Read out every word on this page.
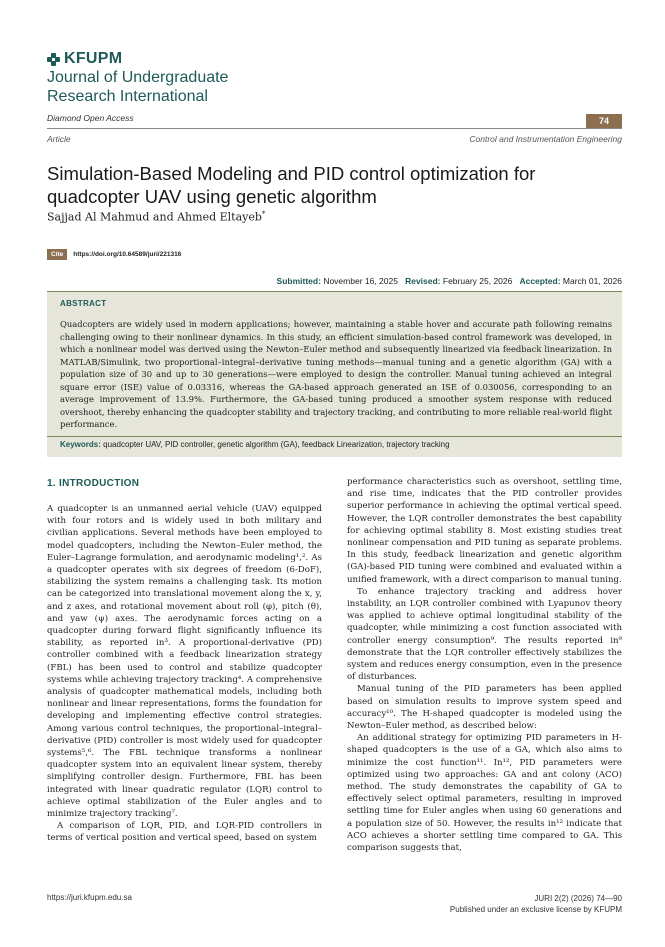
KFUPM
Journal of Undergraduate
Research International
Diamond Open Access	74
Article	Control and Instrumentation Engineering
Simulation-Based Modeling and PID control optimization for quadcopter UAV using genetic algorithm
Sajjad Al Mahmud and Ahmed Eltayeb*
Cite	https://doi.org/10.64589/juri/221316
Submitted: November 16, 2025 Revised: February 25, 2026 Accepted: March 01, 2026
ABSTRACT
Quadcopters are widely used in modern applications; however, maintaining a stable hover and accurate path following remains challenging owing to their nonlinear dynamics. In this study, an efficient simulation-based control framework was developed, in which a nonlinear model was derived using the Newton–Euler method and subsequently linearized via feedback linearization. In MATLAB/Simulink, two proportional–integral–derivative tuning methods—manual tuning and a genetic algorithm (GA) with a population size of 30 and up to 30 generations—were employed to design the controller. Manual tuning achieved an integral square error (ISE) value of 0.03316, whereas the GA-based approach generated an ISE of 0.030056, corresponding to an average improvement of 13.9%. Furthermore, the GA-based tuning produced a smoother system response with reduced overshoot, thereby enhancing the quadcopter stability and trajectory tracking, and contributing to more reliable real-world flight performance.
Keywords: quadcopter UAV, PID controller, genetic algorithm (GA), feedback Linearization, trajectory tracking
1. INTRODUCTION

A quadcopter is an unmanned aerial vehicle (UAV) equipped with four rotors and is widely used in both military and civilian applications. Several methods have been employed to model quadcopters, including the Newton–Euler method, the Euler–Lagrange formulation, and aerodynamic modeling¹,². As a quadcopter operates with six degrees of freedom (6-DoF), stabilizing the system remains a challenging task. Its motion can be categorized into translational movement along the x, y, and z axes, and rotational movement about roll (φ), pitch (θ), and yaw (ψ) axes. The aerodynamic forces acting on a quadcopter during forward flight significantly influence its stability, as reported in³. A proportional-derivative (PD) controller combined with a feedback linearization strategy (FBL) has been used to control and stabilize quadcopter systems while achieving trajectory tracking⁴. A comprehensive analysis of quadcopter mathematical models, including both nonlinear and linear representations, forms the foundation for developing and implementing effective control strategies. Among various control techniques, the proportional–integral–derivative (PID) controller is most widely used for quadcopter systems⁵,⁶. The FBL technique transforms a nonlinear quadcopter system into an equivalent linear system, thereby simplifying controller design. Furthermore, FBL has been integrated with linear quadratic regulator (LQR) control to achieve optimal stabilization of the Euler angles and to minimize trajectory tracking⁷.

A comparison of LQR, PID, and LQR-PID controllers in terms of vertical position and vertical speed, based on system

performance characteristics such as overshoot, settling time, and rise time, indicates that the PID controller provides superior performance in achieving the optimal vertical speed. However, the LQR controller demonstrates the best capability for achieving optimal stability 8. Most existing studies treat nonlinear compensation and PID tuning as separate problems. In this study, feedback linearization and genetic algorithm (GA)-based PID tuning were combined and evaluated within a unified framework, with a direct comparison to manual tuning.

To enhance trajectory tracking and address hover instability, an LQR controller combined with Lyapunov theory was applied to achieve optimal longitudinal stability of the quadcopter, while minimizing a cost function associated with controller energy consumption⁹. The results reported in⁹ demonstrate that the LQR controller effectively stabilizes the system and reduces energy consumption, even in the presence of disturbances.

Manual tuning of the PID parameters has been applied based on simulation results to improve system speed and accuracy¹⁰. The H-shaped quadcopter is modeled using the Newton–Euler method, as described below:

An additional strategy for optimizing PID parameters in H-shaped quadcopters is the use of a GA, which also aims to minimize the cost function¹¹. In¹², PID parameters were optimized using two approaches: GA and ant colony (ACO) method. The study demonstrates the capability of GA to effectively select optimal parameters, resulting in improved settling time for Euler angles when using 60 generations and a population size of 50. However, the results in¹² indicate that ACO achieves a shorter settling time compared to GA. This comparison suggests that,

https://juri.kfupm.edu.sa	JURI 2(2) (2026) 74—90
Published under an exclusive license by KFUPM
